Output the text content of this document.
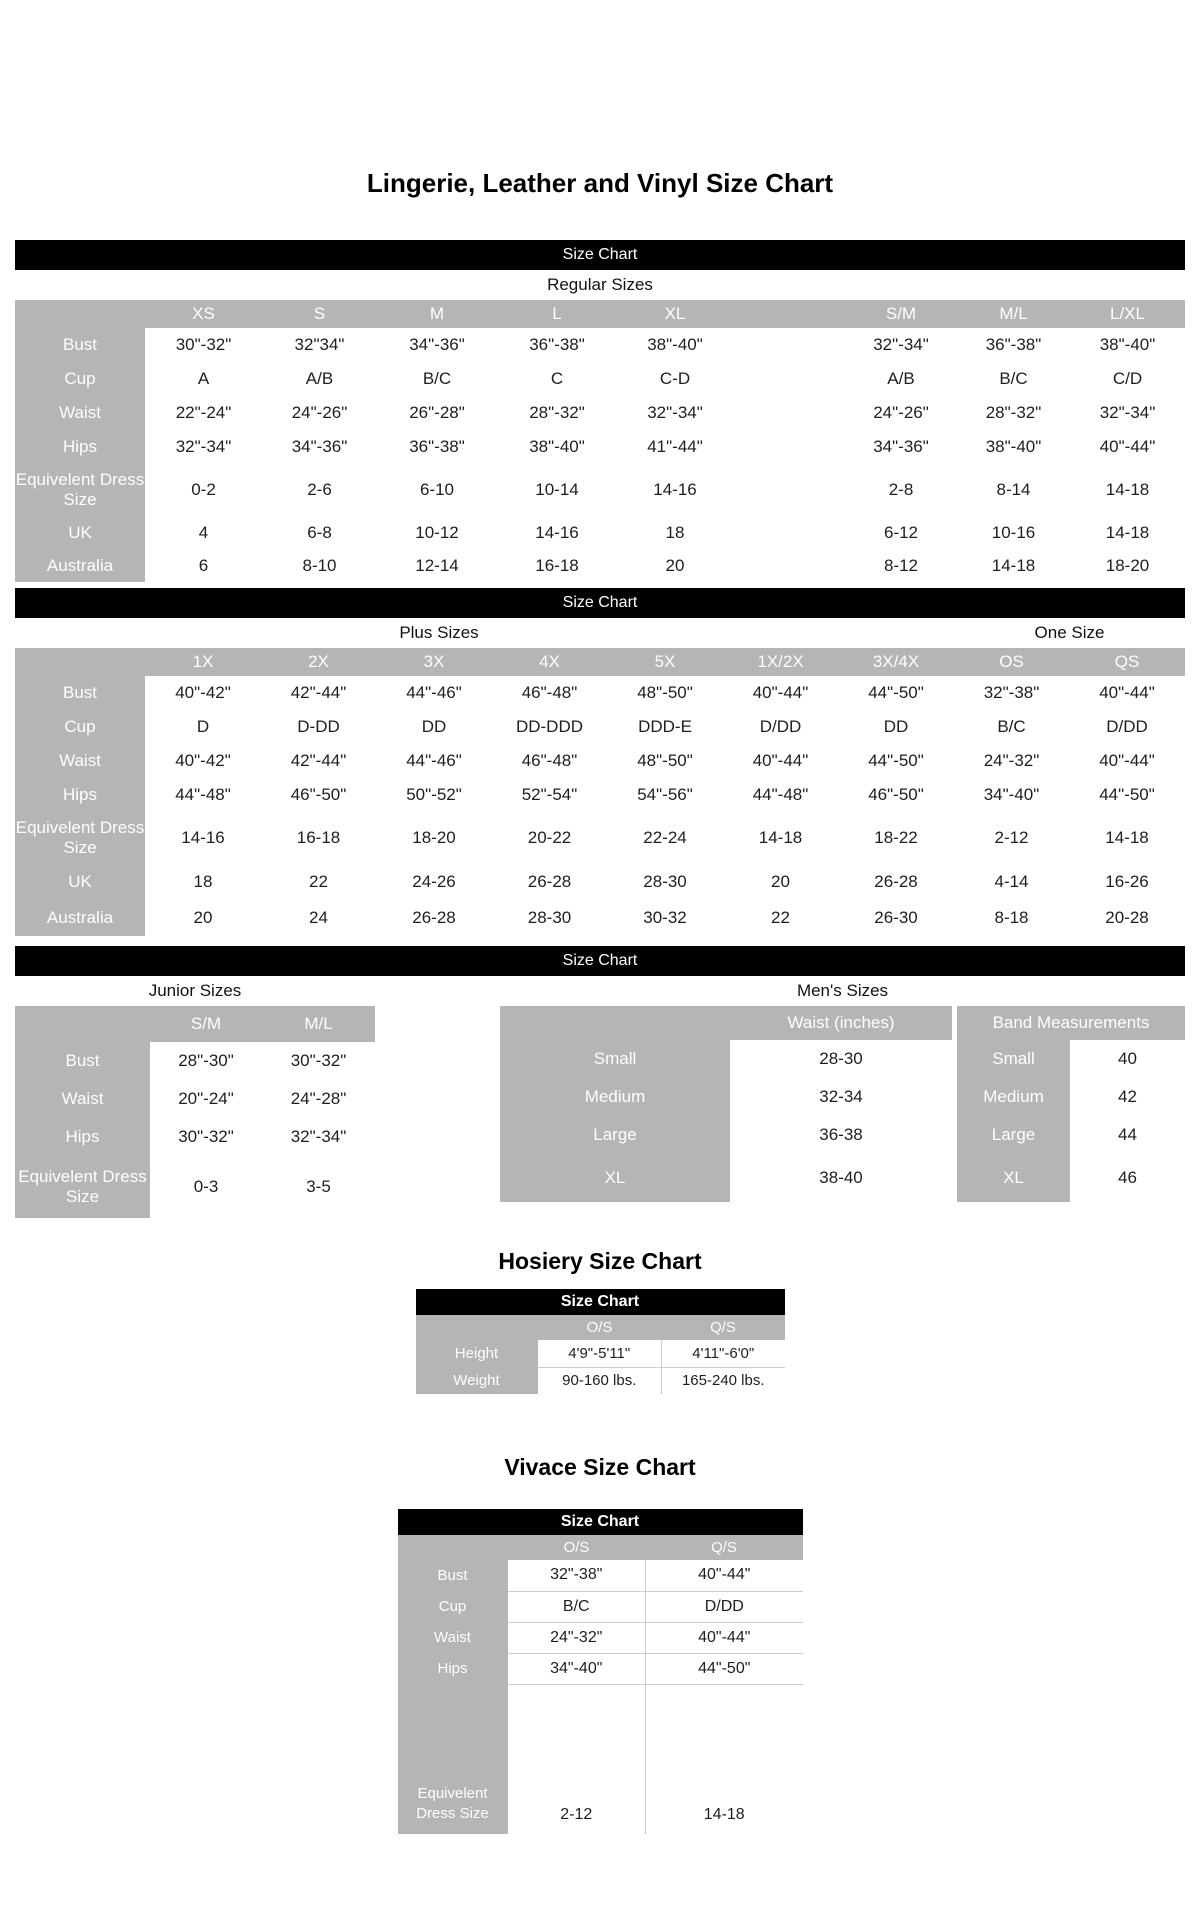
Lingerie, Leather and Vinyl Size Chart
Size Chart
Regular Sizes
	XS	S	M	L	XL		S/M	M/L	L/XL
Bust	30"-32"	32"34"	34"-36"	36"-38"	38"-40"		32"-34"	36"-38"	38"-40"
Cup	A	A/B	B/C	C	C-D		A/B	B/C	C/D
Waist	22"-24"	24"-26"	26"-28"	28"-32"	32"-34"		24"-26"	28"-32"	32"-34"
Hips	32"-34"	34"-36"	36"-38"	38"-40"	41"-44"		34"-36"	38"-40"	40"-44"
Equivelent Dress Size	0-2	2-6	6-10	10-14	14-16		2-8	8-14	14-18
UK	4	6-8	10-12	14-16	18		6-12	10-16	14-18
Australia	6	8-10	12-14	16-18	20		8-12	14-18	18-20
Size Chart
Plus Sizes	One Size
	1X	2X	3X	4X	5X	1X/2X	3X/4X	OS	QS
Bust	40"-42"	42"-44"	44"-46"	46"-48"	48"-50"	40"-44"	44"-50"	32"-38"	40"-44"
Cup	D	D-DD	DD	DD-DDD	DDD-E	D/DD	DD	B/C	D/DD
Waist	40"-42"	42"-44"	44"-46"	46"-48"	48"-50"	40"-44"	44"-50"	24"-32"	40"-44"
Hips	44"-48"	46"-50"	50"-52"	52"-54"	54"-56"	44"-48"	46"-50"	34"-40"	44"-50"
Equivelent Dress Size	14-16	16-18	18-20	20-22	22-24	14-18	18-22	2-12	14-18
UK	18	22	24-26	26-28	28-30	20	26-28	4-14	16-26
Australia	20	24	26-28	28-30	30-32	22	26-30	8-18	20-28
Size Chart
Junior Sizes	Men's Sizes
	S/M	M/L
Bust	28"-30"	30"-32"
Waist	20"-24"	24"-28"
Hips	30"-32"	32"-34"
Equivelent Dress Size	0-3	3-5
	Waist (inches)
Small	28-30
Medium	32-34
Large	36-38
XL	38-40
Band Measurements	
Small	40
Medium	42
Large	44
XL	46
Hosiery Size Chart
Size Chart
	O/S	Q/S
Height	4'9"-5'11"	4'11"-6'0"
Weight	90-160 lbs.	165-240 lbs.
Vivace Size Chart
Size Chart
	O/S	Q/S
Bust	32"-38"	40"-44"
Cup	B/C	D/DD
Waist	24"-32"	40"-44"
Hips	34"-40"	44"-50"
Equivelent Dress Size	2-12	14-18
